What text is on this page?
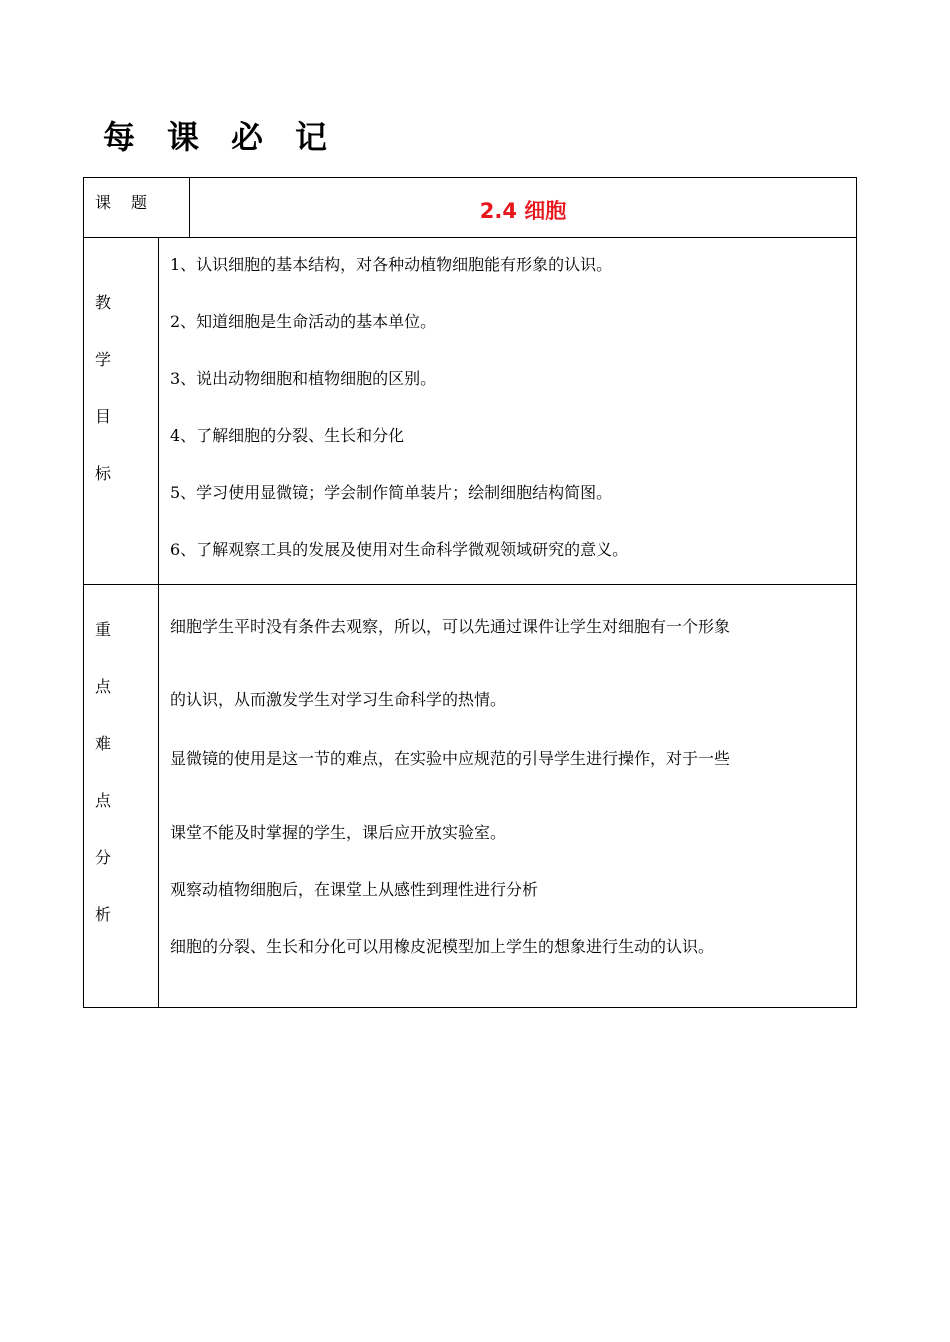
每 课 必 记
课 题	2.4 细胞
教
学
目
标
1、认识细胞的基本结构，对各种动植物细胞能有形象的认识。
2、知道细胞是生命活动的基本单位。
3、说出动物细胞和植物细胞的区别。
4、了解细胞的分裂、生长和分化
5、学习使用显微镜；学会制作简单装片；绘制细胞结构简图。
6、了解观察工具的发展及使用对生命科学微观领域研究的意义。
重
点
难
点
分
析
细胞学生平时没有条件去观察，所以，可以先通过课件让学生对细胞有一个形象
的认识，从而激发学生对学习生命科学的热情。
显微镜的使用是这一节的难点，在实验中应规范的引导学生进行操作，对于一些
课堂不能及时掌握的学生，课后应开放实验室。
观察动植物细胞后，在课堂上从感性到理性进行分析
细胞的分裂、生长和分化可以用橡皮泥模型加上学生的想象进行生动的认识。
